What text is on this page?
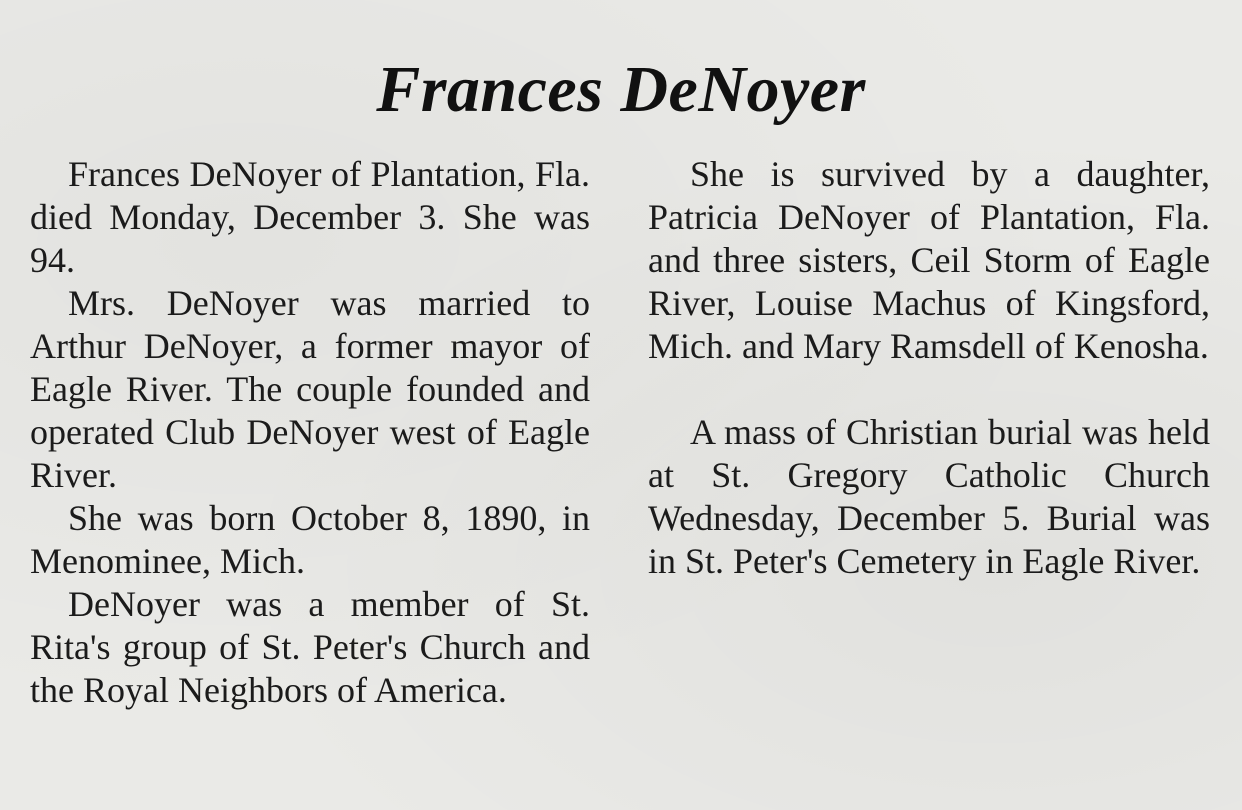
Frances DeNoyer

Frances DeNoyer of Plantation, Fla. died Monday, December 3. She was 94.

Mrs. DeNoyer was married to Arthur DeNoyer, a former mayor of Eagle River. The couple founded and operated Club DeNoyer west of Eagle River.

She was born October 8, 1890, in Menominee, Mich.

DeNoyer was a member of St. Rita's group of St. Peter's Church and the Royal Neighbors of America.

She is survived by a daughter, Patricia DeNoyer of Plantation, Fla. and three sisters, Ceil Storm of Eagle River, Louise Machus of Kingsford, Mich. and Mary Ramsdell of Kenosha.

A mass of Christian burial was held at St. Gregory Catholic Church Wednesday, December 5. Burial was in St. Peter's Cemetery in Eagle River.
